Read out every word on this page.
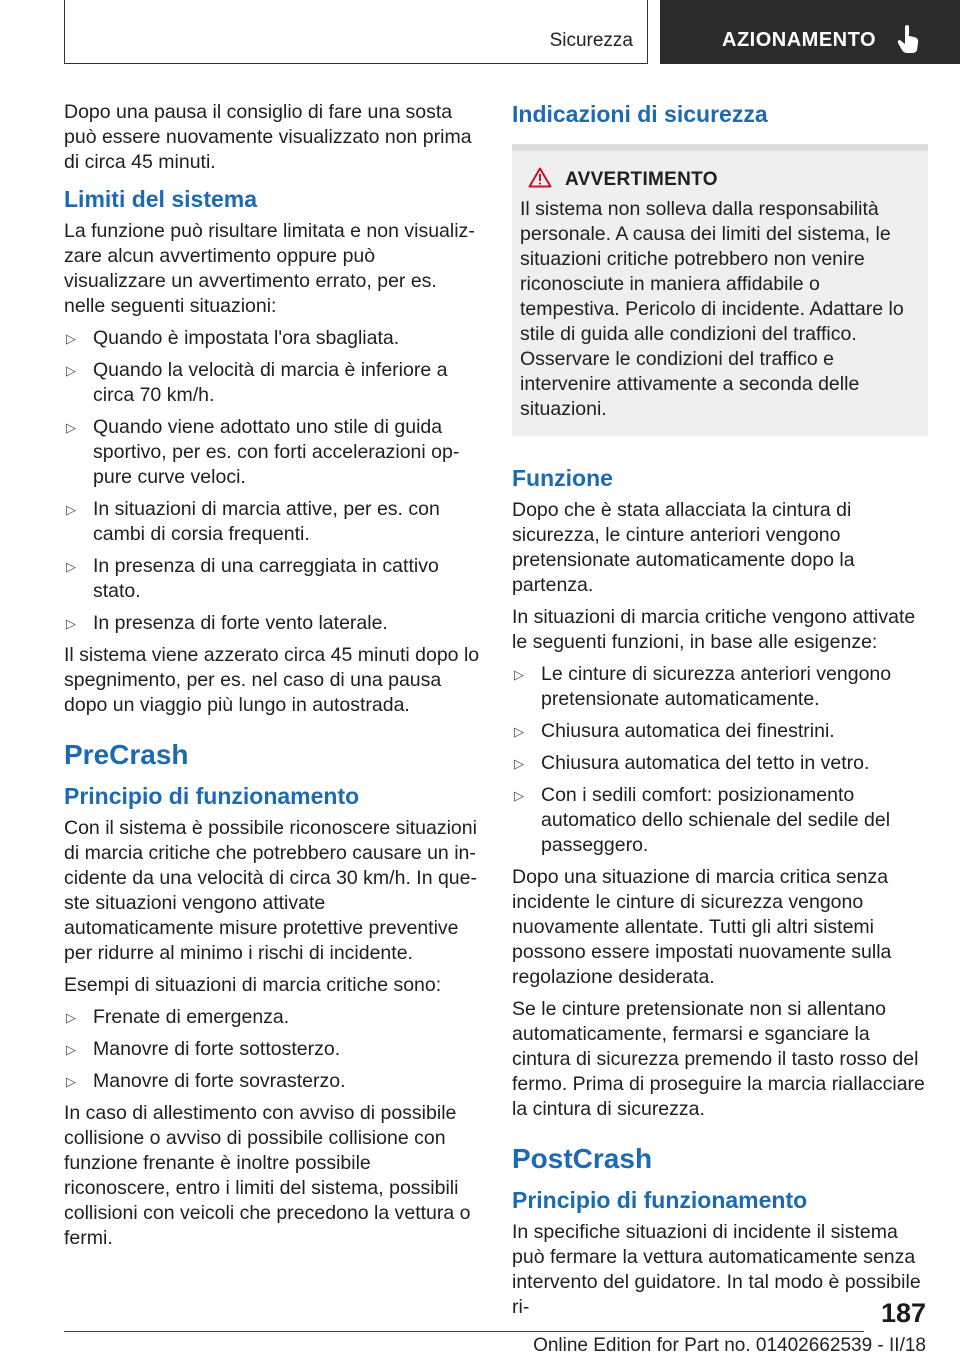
Sicurezza	AZIONAMENTO

Dopo una pausa il consiglio di fare una sosta può essere nuovamente visualizzato non prima di circa 45 minuti.

Limiti del sistema

La funzione può risultare limitata e non visualizzare alcun avvertimento oppure può visualizzare un avvertimento errato, per es. nelle seguenti situazioni:

▷ Quando è impostata l'ora sbagliata.
▷ Quando la velocità di marcia è inferiore a circa 70 km/h.
▷ Quando viene adottato uno stile di guida sportivo, per es. con forti accelerazioni oppure curve veloci.
▷ In situazioni di marcia attive, per es. con cambi di corsia frequenti.
▷ In presenza di una carreggiata in cattivo stato.
▷ In presenza di forte vento laterale.

Il sistema viene azzerato circa 45 minuti dopo lo spegnimento, per es. nel caso di una pausa dopo un viaggio più lungo in autostrada.

PreCrash
Principio di funzionamento

Con il sistema è possibile riconoscere situazioni di marcia critiche che potrebbero causare un incidente da una velocità di circa 30 km/h. In queste situazioni vengono attivate automaticamente misure protettive preventive per ridurre al minimo i rischi di incidente.

Esempi di situazioni di marcia critiche sono:

▷ Frenate di emergenza.
▷ Manovre di forte sottosterzo.
▷ Manovre di forte sovrasterzo.

In caso di allestimento con avviso di possibile collisione o avviso di possibile collisione con funzione frenante è inoltre possibile riconoscere, entro i limiti del sistema, possibili collisioni con veicoli che precedono la vettura o fermi.

Indicazioni di sicurezza
AVVERTIMENTO

Il sistema non solleva dalla responsabilità personale. A causa dei limiti del sistema, le situazioni critiche potrebbero non venire riconosciute in maniera affidabile o tempestiva. Pericolo di incidente. Adattare lo stile di guida alle condizioni del traffico. Osservare le condizioni del traffico e intervenire attivamente a seconda delle situazioni.

Funzione

Dopo che è stata allacciata la cintura di sicurezza, le cinture anteriori vengono pretensionate automaticamente dopo la partenza.

In situazioni di marcia critiche vengono attivate le seguenti funzioni, in base alle esigenze:

▷ Le cinture di sicurezza anteriori vengono pretensionate automaticamente.
▷ Chiusura automatica dei finestrini.
▷ Chiusura automatica del tetto in vetro.
▷ Con i sedili comfort: posizionamento automatico dello schienale del sedile del passeggero.

Dopo una situazione di marcia critica senza incidente le cinture di sicurezza vengono nuovamente allentate. Tutti gli altri sistemi possono essere impostati nuovamente sulla regolazione desiderata.

Se le cinture pretensionate non si allentano automaticamente, fermarsi e sganciare la cintura di sicurezza premendo il tasto rosso del fermo. Prima di proseguire la marcia riallacciare la cintura di sicurezza.

PostCrash
Principio di funzionamento

In specifiche situazioni di incidente il sistema può fermare la vettura automaticamente senza intervento del guidatore. In tal modo è possibile ri-	187
Online Edition for Part no. 01402662539 - II/18
